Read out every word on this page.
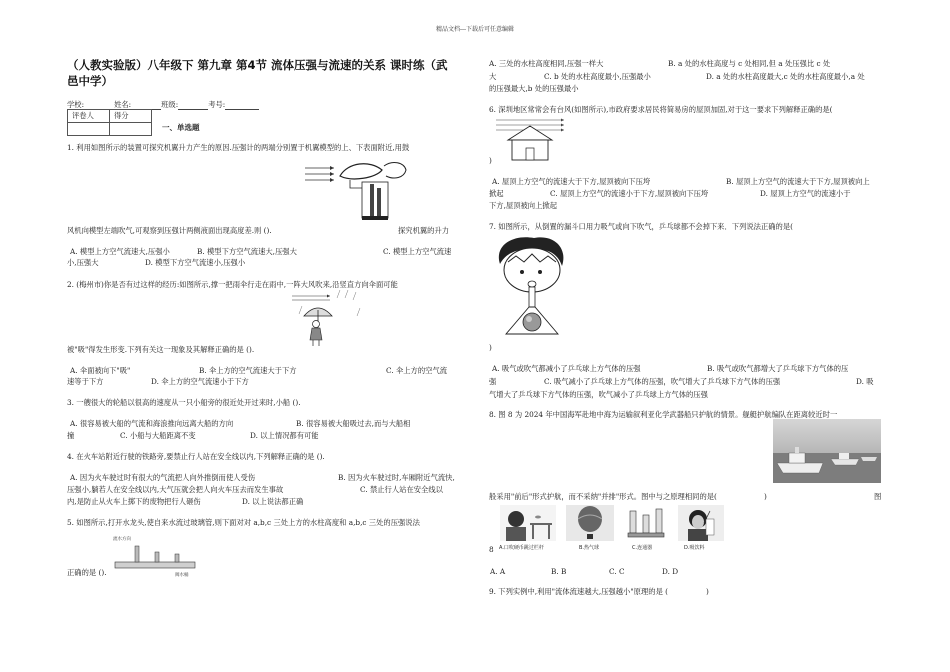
精品文档---下载后可任意编辑
（人教实验版）八年级下 第九章 第4节 流体压强与流速的关系 课时练（武邑中学）
学校:	姓名:	班级:	考号:
评卷人	得分

一、单选题
1. 利用如图所示的装置可探究机翼升力产生的原因.压强计的两端分别置于机翼模型的上、下表面附近,用鼓
风机向模型左端吹气,可观察到压强计两侧液面出现高度差.则 ().	探究机翼的升力
A. 模型上方空气流速大,压强小	B. 模型下方空气流速大,压强大	C. 模型上方空气流速
小,压强大	D. 模型下方空气流速小,压强小
2. (梅州市)你是否有过这样的经历:如图所示,撑一把雨伞行走在雨中,一阵大风吹来,沿竖直方向伞面可能
被"吸"得发生形变.下列有关这一现象及其解释正确的是 ().
A. 伞面被向下"吸"	B. 伞上方的空气流速大于下方	C. 伞上方的空气流
速等于下方	D. 伞上方的空气流速小于下方
3. 一艘很大的轮船以很高的速度从一只小船旁的很近处开过来时,小船 ().
A. 很容易被大船的气流和海浪推向远离大船的方向	B. 很容易被大船吸过去,而与大船相
撞	C. 小船与大船距离不变	D. 以上情况都有可能
4. 在火车站附近行驶的铁路旁,要禁止行人站在安全线以内,下列解释正确的是 ().
A. 因为火车驶过时有很大的气流把人向外推倒而使人受伤	B. 因为火车驶过时,车厢附近气流快,
压强小,躺若人在安全线以内,大气压就会把人向火车压去而发生事故	C. 禁止行人站在安全线以
内,是防止从火车上掷下的废物把行人砸伤	D. 以上说法都正确
5. 如图所示,打开水龙头,使自来水流过玻璃管,则下面对对 a,b,c 三处上方的水柱高度和 a,b,c 三处的压强说法
流水方向
阀水桶
正确的是 ().
A. 三处的水柱高度相同,压强一样大	B. a 处的水柱高度与 c 处相同,但 a 处压强比 c 处
大	C. b 处的水柱高度最小,压强最小	D. a 处的水柱高度最大,c 处的水柱高度最小,a 处
的压强最大,b 处的压强最小
6. 深圳地区常常会有台风(如图所示),市政府要求居民将简易房的屋顶加固,对于这一要求下列解释正确的是(
)
A. 屋顶上方空气的流速大于下方,屋顶被向下压垮	B. 屋顶上方空气的流速大于下方,屋顶被向上
掀起	C. 屋顶上方空气的流速小于下方,屋顶被向下压垮	D. 屋顶上方空气的流速小于
下方,屋顶被向上掀起
7. 如图所示，从倒置的漏斗口用力吸气或向下吹气，乒乓球都不会掉下来．下列说法正确的是(
)
A. 吸气或吹气都减小了乒乓球上方气体的压强	B. 吸气或吹气都增大了乒乓球下方气体的压
强	C. 吸气减小了乒乓球上方气体的压强，吹气增大了乒乓球下方气体的压强	D. 吸
气增大了乒乓球下方气体的压强，吹气减小了乒乓球上方气体的压强
8. 图 8 为 2024 年中国海军赴地中海为运输叙利亚化学武器船只护航的情景。舰艇护航编队在距离较近时一
般采用"前后"形式护航，而不采纳"并排"形式。图中与之原理相同的是(	)	图
8 A.口吹硬币跳过栏杆	B.热气球	C.连通器	D.吸饮料
A. A	B. B	C. C	D. D
9. 下列实例中,利用"流体流速越大,压强越小"原理的是 (	)
